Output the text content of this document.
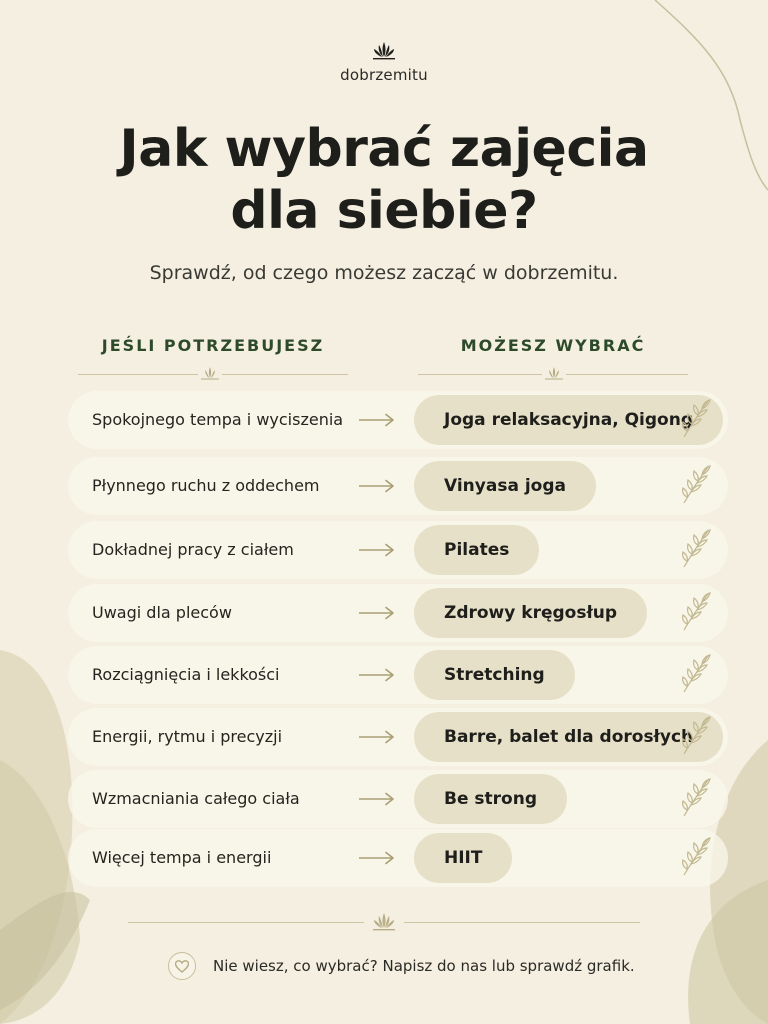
dobrzemitu
Jak wybrać zajęcia
dla siebie?
Sprawdź, od czego możesz zacząć w dobrzemitu.
JEŚLI POTRZEBUJESZ	MOŻESZ WYBRAĆ
Spokojnego tempa i wyciszenia	Joga relaksacyjna, Qigong
Płynnego ruchu z oddechem	Vinyasa joga
Dokładnej pracy z ciałem	Pilates
Uwagi dla pleców	Zdrowy kręgosłup
Rozciągnięcia i lekkości	Stretching
Energii, rytmu i precyzji	Barre, balet dla dorosłych
Wzmacniania całego ciała	Be strong
Więcej tempa i energii	HIIT
Nie wiesz, co wybrać? Napisz do nas lub sprawdź grafik.
